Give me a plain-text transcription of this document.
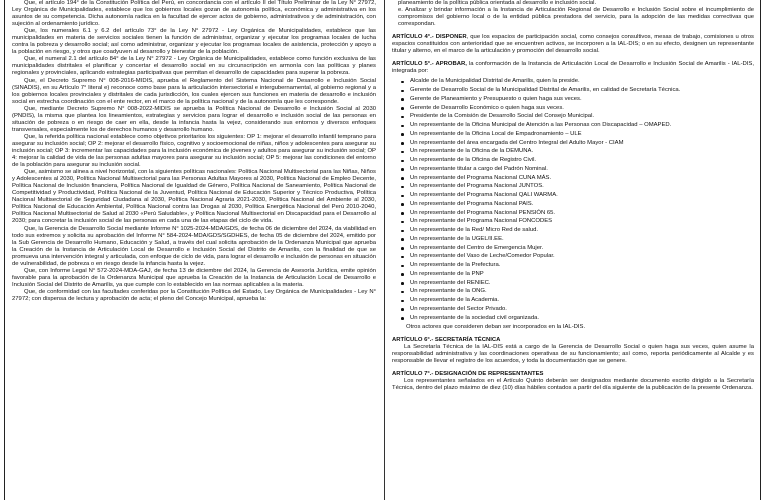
Que, el artículo 194° de la Constitución Política del Perú, en concordancia con el artículo II del Título Preliminar de la Ley N° 27972, Ley Orgánica de Municipalidades, establece que los gobiernos locales gozan de autonomía política, económica y administrativa en los asuntos de su competencia. Dicha autonomía radica en la facultad de ejercer actos de gobierno, administrativos y de administración, con sujeción al ordenamiento jurídico.

Que, los numerales 6.1 y 6.2 del artículo 73° de la Ley N° 27972 - Ley Orgánica de Municipalidades, establece que las municipalidades en materia de servicios sociales tienen la función de administrar, organizar y ejecutar los programas locales de lucha contra la pobreza y desarrollo social; así como administrar, organizar y ejecutar los programas locales de asistencia, protección y apoyo a la población en riesgo, y otros que coadyuven al desarrollo y bienestar de la población.

Que, el numeral 2.1 del artículo 84° de la Ley N° 27972 - Ley Orgánica de Municipalidades, establece como función exclusiva de las municipalidades distritales el planificar y concertar el desarrollo social en su circunscripción en armonía con las políticas y planes regionales y provinciales, aplicando estrategias participativas que permitan el desarrollo de capacidades para superar la pobreza.

Que, el Decreto Supremo N° 008-2016-MIDIS, aprueba el Reglamento del Sistema Nacional de Desarrollo e Inclusión Social (SINADIS), en su Artículo 7° literal e) reconoce como base para la articulación intersectorial e intergubernamental, al gobierno regional y a los gobiernos locales provinciales y distritales de cada jurisdicción, los cuales ejercen sus funciones en materia de desarrollo e inclusión social en estrecha coordinación con el ente rector, en el marco de la política nacional y de la autonomía que les corresponde.

Que, mediante Decreto Supremo N° 008-2022-MIDIS se aprueba la Política Nacional de Desarrollo e Inclusión Social al 2030 (PNDIS), la misma que plantea los lineamientos, estrategias y servicios para lograr el desarrollo e inclusión social de las personas en situación de pobreza o en riesgo de caer en ella, desde la infancia hasta la vejez, considerando sus entornos y diversos enfoques transversales, especialmente los de derechos humanos y desarrollo humano.

Que, la referida política nacional establece como objetivos prioritarios los siguientes: OP 1: mejorar el desarrollo infantil temprano para asegurar su inclusión social; OP 2: mejorar el desarrollo físico, cognitivo y socioemocional de niñas, niños y adolescentes para asegurar su inclusión social; OP 3: incrementar las capacidades para la inclusión económica de jóvenes y adultos para asegurar su inclusión social; OP 4: mejorar la calidad de vida de las personas adultas mayores para asegurar su inclusión social; OP 5: mejorar las condiciones del entorno de la población para asegurar su inclusión social.

Que, asimismo se alinea a nivel horizontal, con la siguientes políticas nacionales: Política Nacional Multisectorial para las Niñas, Niños y Adolescentes al 2030, Política Nacional Multisectorial para las Personas Adultas Mayores al 2030, Política Nacional de Empleo Decente, Política Nacional de Inclusión financiera, Política Nacional de Igualdad de Género, Política Nacional de Saneamiento, Política Nacional de Competitividad y Productividad, Política Nacional de la Juventud, Política Nacional de Educación Superior y Técnico Productiva, Política Nacional Multisectorial de Seguridad Ciudadana al 2030, Política Nacional Agraria 2021-2030, Política Nacional del Ambiente al 2030, Política Nacional de Educación Ambiental, Política Nacional contra las Drogas al 2030, Política Energética Nacional del Perú 2010-2040, Política Nacional Multisectorial de Salud al 2030 «Perú Saludable», y Política Nacional Multisectorial en Discapacidad para el Desarrollo al 2030; para concretar la inclusión social de las personas en cada una de las etapas del ciclo de vida.

Que, la Gerencia de Desarrollo Social mediante Informe N° 1025-2024-MDA/GDS, de fecha 06 de diciembre del 2024, da viabilidad en todo sus extremos y solicita su aprobación del Informe N° 584-2024-MDA/GDS/SGDHES, de fecha 05 de diciembre del 2024, emitido por la Sub Gerencia de Desarrollo Humano, Educación y Salud, a través del cual solicita aprobación de la Ordenanza Municipal que aprueba la Creación de la Instancia de Articulación Local de Desarrollo e Inclusión Social del Distrito de Amarilis, con la finalidad de que se promueva una intervención integral y articulada, con enfoque de ciclo de vida, para lograr el desarrollo e inclusión de personas en situación de vulnerabilidad, de pobreza o en riesgo desde la infancia hasta la vejez.

Que, con Informe Legal N° 572-2024-MDA-GAJ, de fecha 13 de diciembre del 2024, la Gerencia de Asesoría Jurídica, emite opinión favorable para la aprobación de la Ordenanza Municipal que aprueba la Creación de la Instancia de Articulación Local de Desarrollo e Inclusión Social del Distrito de Amarilis, ya que cumple con lo establecido en las normas aplicables a la materia.

Que, de conformidad con las facultades conferidas por la Constitución Política del Estado, Ley Orgánica de Municipalidades - Ley N° 27972; con dispensa de lectura y aprobación de acta; el pleno del Concejo Municipal, aprueba la:

planeamiento de la política pública orientada al desarrollo e inclusión social.

e. Analizar y brindar información a la Instancia de Articulación Regional de Desarrollo e Inclusión Social sobre el incumplimiento de compromisos del gobierno local o de la entidad pública prestadora del servicio, para la adopción de las medidas correctivas que correspondan.

ARTÍCULO 4°.- DISPONER, que los espacios de participación social, como consejos consultivos, mesas de trabajo, comisiones u otros espacios constituidos con anterioridad que se encuentren activos, se incorporen a la IAL-DIS; o en su efecto, designen un representante titular y alterno, en el marco de la articulación y promoción del desarrollo social.

ARTÍCULO 5°.- APROBAR, la conformación de la Instancia de Articulación Local de Desarrollo e Inclusión Social de Amarilis - IAL-DIS, integrada por:

Alcalde de la Municipalidad Distrital de Amarilis, quien la preside.
Gerente de Desarrollo Social de la Municipalidad Distrital de Amarilis, en calidad de Secretaría Técnica.
Gerente de Planeamiento y Presupuesto o quien haga sus veces.
Gerente de Desarrollo Económico o quien haga sus veces.
Presidente de la Comisión de Desarrollo Social del Consejo Municipal.
Un representante de la Oficina Municipal de Atención a las Personas con Discapacidad – OMAPED.
Un representante de la Oficina Local de Empadronamiento – ULE
Un representante del área encargada del Centro Integral del Adulto Mayor - CIAM
Un representante de la Oficina de la DEMUNA.
Un representante de la Oficina de Registro Civil.
Un representante titular a cargo del Padrón Nominal.
Un representante del Programa Nacional CUNA MÁS.
Un representante del Programa Nacional JUNTOS.
Un representante del Programa Nacional QALI WARMA.
Un representante del Programa Nacional PAIS.
Un representante del Programa Nacional PENSIÓN 65.
Un representante del Programa Nacional FONCODES
Un representante de la Red/ Micro Red de salud.
Un representante de la UGEL/II.EE.
Un representante del Centro de Emergencia Mujer.
Un representante del Vaso de Leche/Comedor Popular.
Un representante de la Prefectura.
Un representante de la PNP
Un representante del RENIEC.
Un representante de la ONG.
Un representante de la Academia.
Un representante del Sector Privado.
Un representante de la sociedad civil organizada.

Otros actores que consideren deban ser incorporados en la IAL-DIS.

ARTÍCULO 6°.- SECRETARÍA TÉCNICA

La Secretaría Técnica de la IAL-DIS está a cargo de la Gerencia de Desarrollo Social o quien haga sus veces, quien asume la responsabilidad administrativa y las coordinaciones operativas de su funcionamiento; así como, reporta periódicamente al Alcalde y es responsable de llevar el registro de los acuerdos, y toda la documentación que se genere.

ARTÍCULO 7°.- DESIGNACIÓN DE REPRESENTANTES

Los representantes señalados en el Artículo Quinto deberán ser designados mediante documento escrito dirigido a la Secretaría Técnica, dentro del plazo máximo de diez (10) días hábiles contados a partir del día siguiente de la publicación de la presente Ordenanza.
